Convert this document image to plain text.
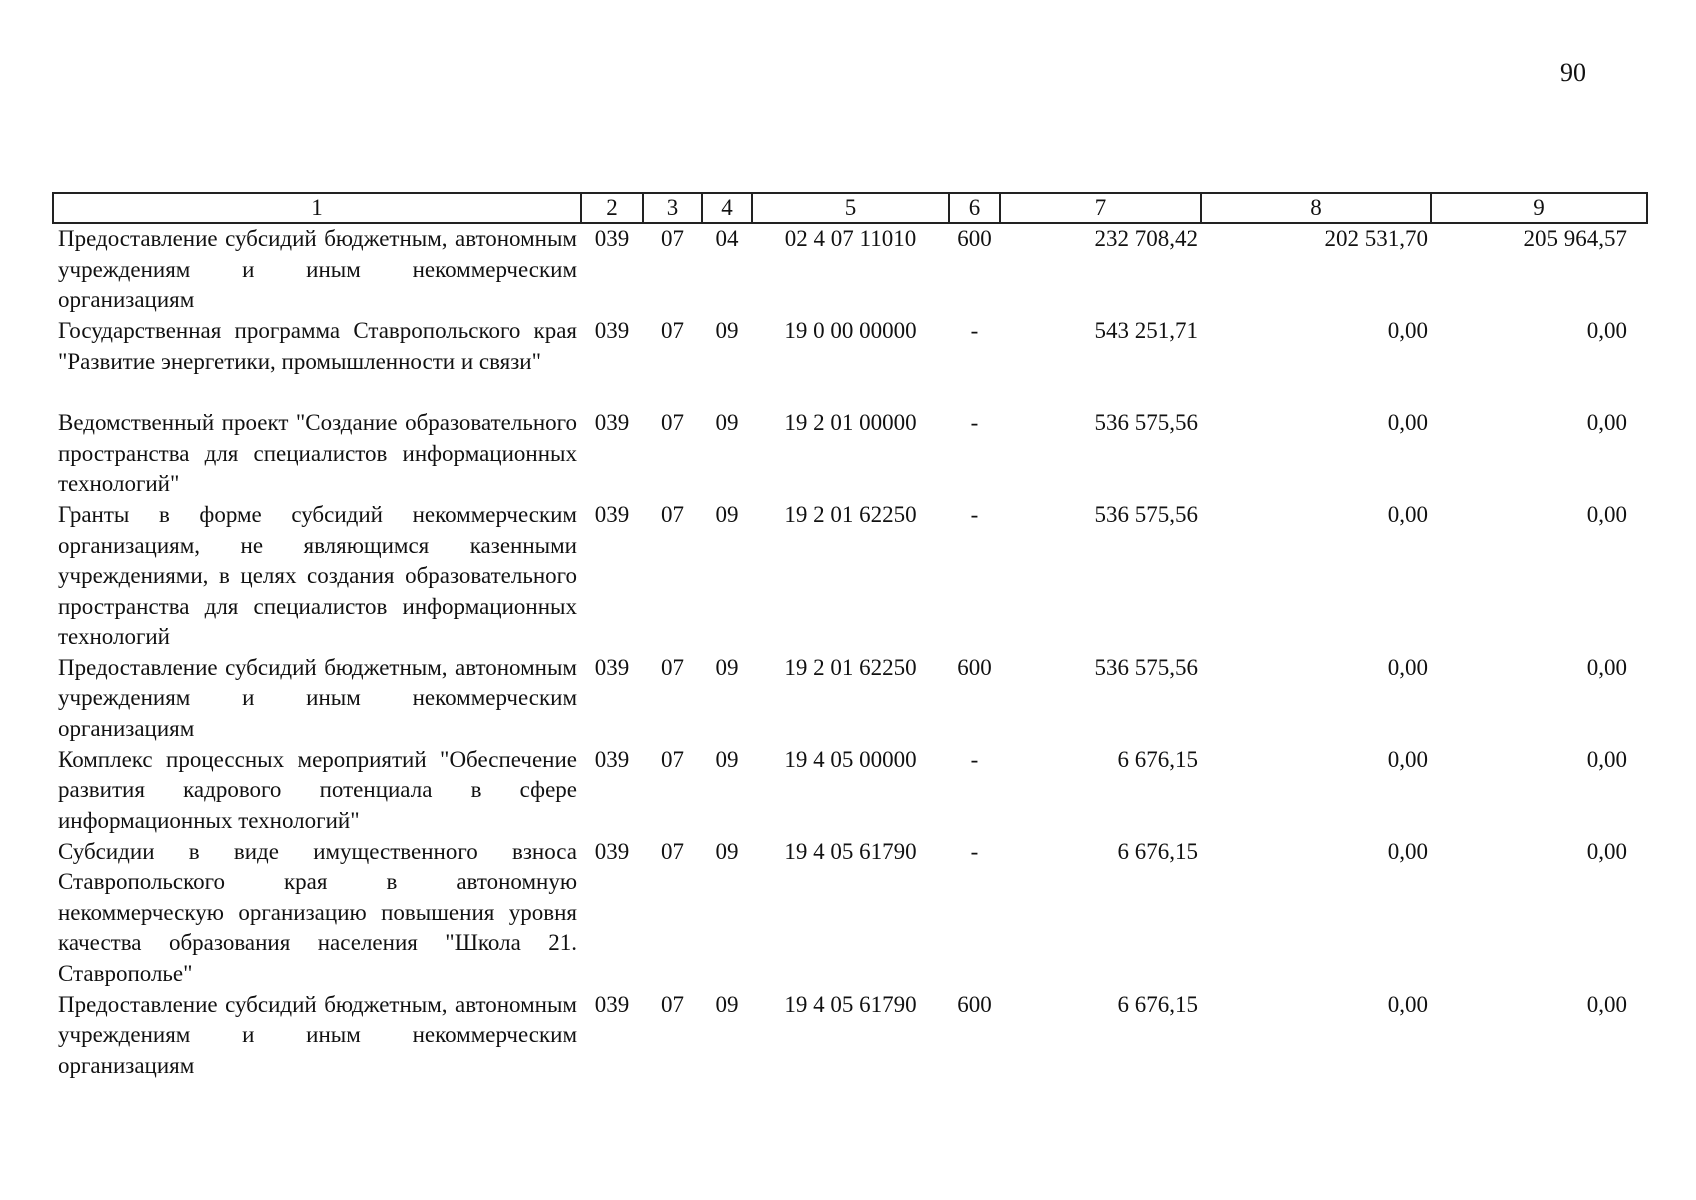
90
1	2	3	4	5	6	7	8	9
Предоставление субсидий бюджетным, автономным учреждениям и иным некоммерческим организациям	039	07	04	02 4 07 11010	600	232 708,42	202 531,70	205 964,57
Государственная программа Ставропольского края "Развитие энергетики, промышленности и связи"	039	07	09	19 0 00 00000	-	543 251,71	0,00	0,00
Ведомственный проект "Создание образовательного пространства для специалистов информационных технологий"	039	07	09	19 2 01 00000	-	536 575,56	0,00	0,00
Гранты в форме субсидий некоммерческим организациям, не являющимся казенными учреждениями, в целях создания образовательного пространства для специалистов информационных технологий	039	07	09	19 2 01 62250	-	536 575,56	0,00	0,00
Предоставление субсидий бюджетным, автономным учреждениям и иным некоммерческим организациям	039	07	09	19 2 01 62250	600	536 575,56	0,00	0,00
Комплекс процессных мероприятий "Обеспечение развития кадрового потенциала в сфере информационных технологий"	039	07	09	19 4 05 00000	-	6 676,15	0,00	0,00
Субсидии в виде имущественного взноса Ставропольского края в автономную некоммерческую организацию повышения уровня качества образования населения "Школа 21. Ставрополье"	039	07	09	19 4 05 61790	-	6 676,15	0,00	0,00
Предоставление субсидий бюджетным, автономным учреждениям и иным некоммерческим организациям	039	07	09	19 4 05 61790	600	6 676,15	0,00	0,00
